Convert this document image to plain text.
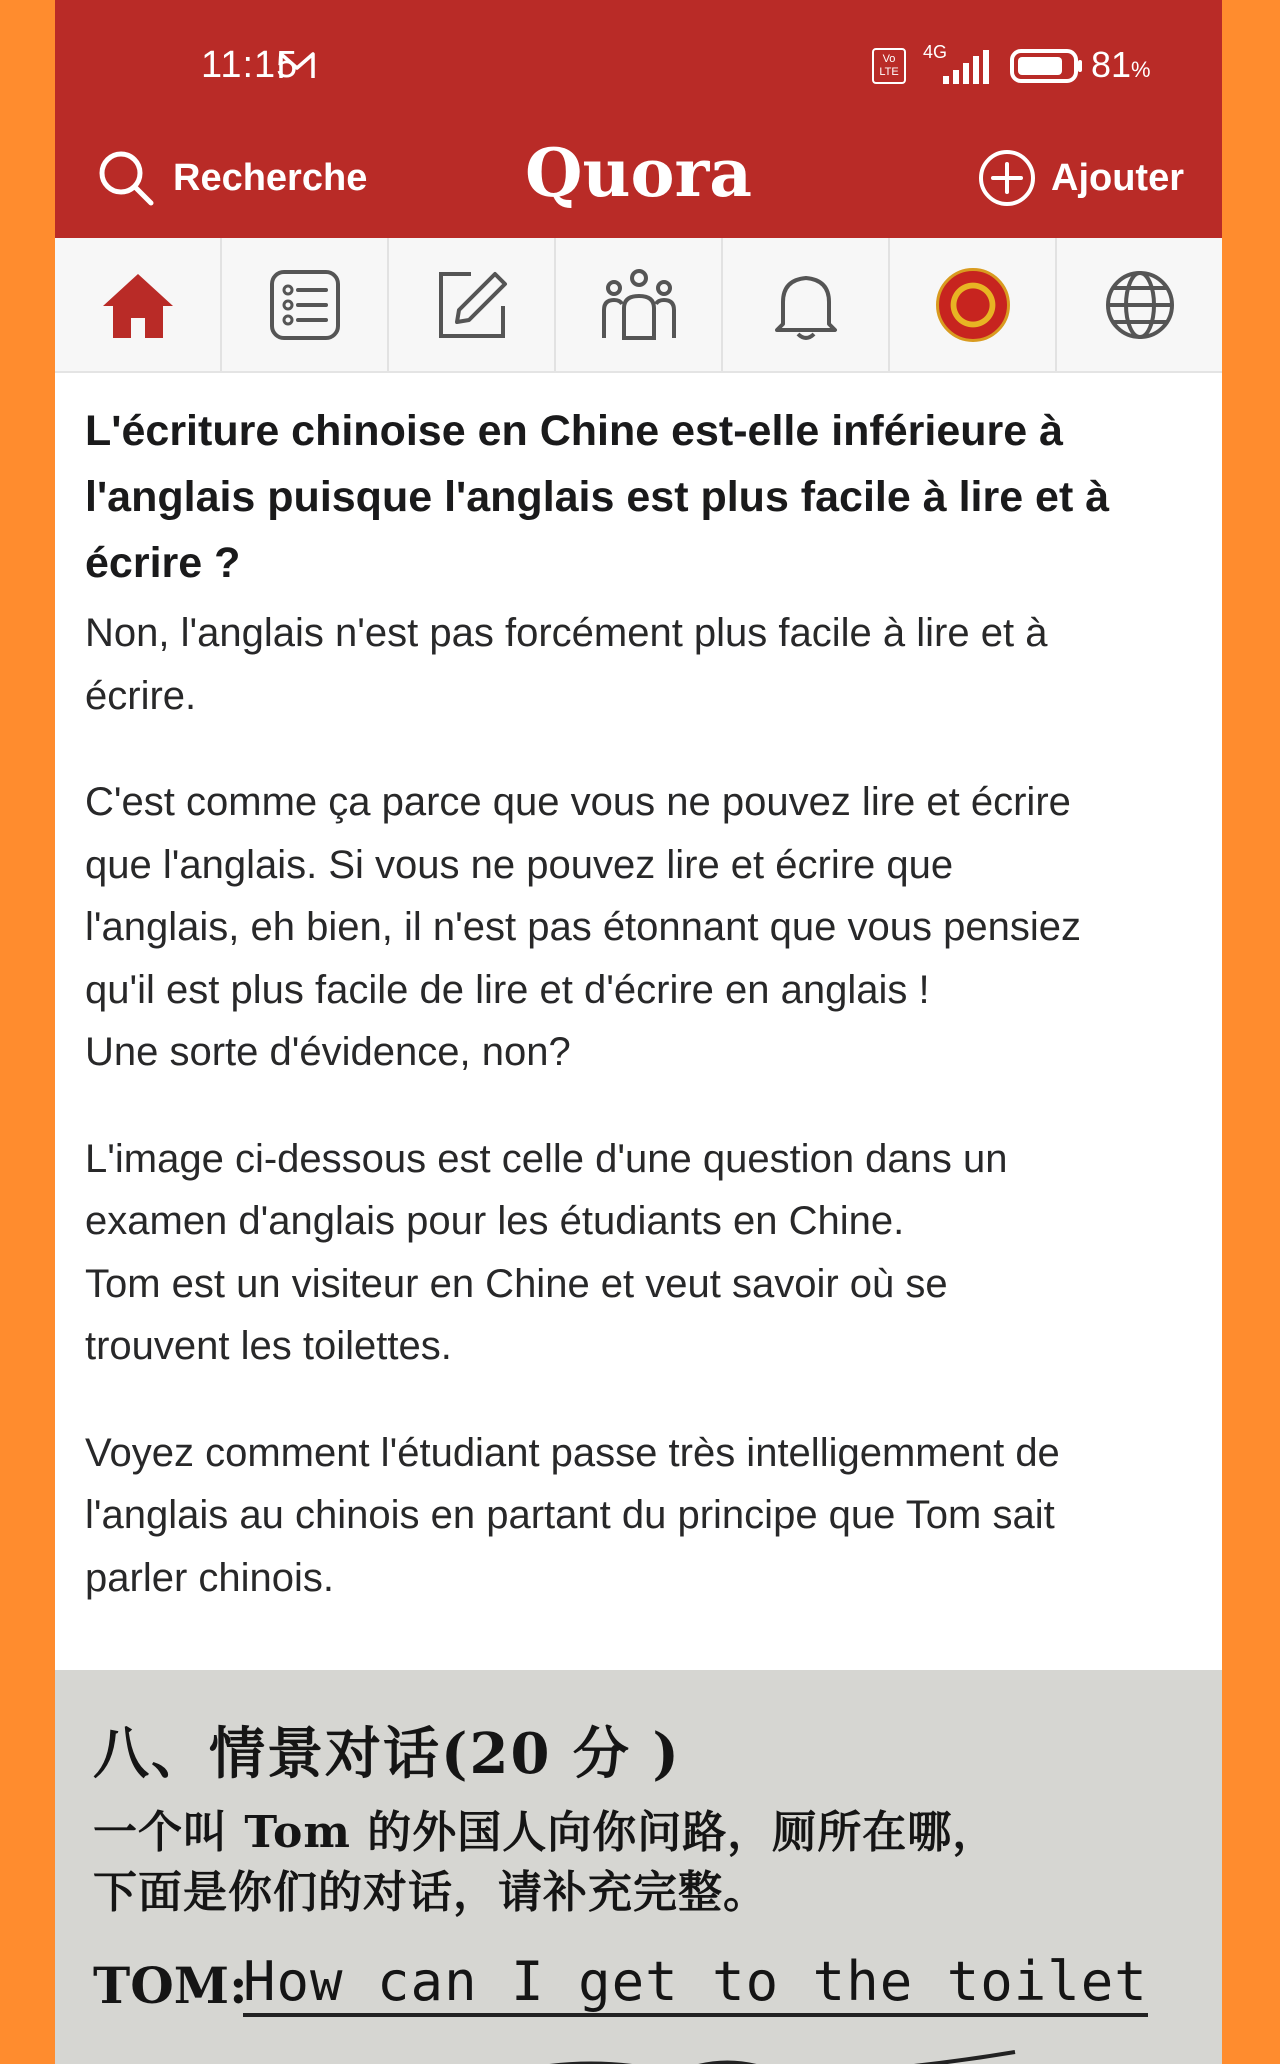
11:15	Vo LTE
4G	81%
Recherche	Quora	Ajouter
L'écriture chinoise en Chine est-elle inférieure à
l'anglais puisque l'anglais est plus facile à lire et à
écrire ?
Non, l'anglais n'est pas forcément plus facile à lire et à
écrire.
C'est comme ça parce que vous ne pouvez lire et écrire
que l'anglais. Si vous ne pouvez lire et écrire que
l'anglais, eh bien, il n'est pas étonnant que vous pensiez
qu'il est plus facile de lire et d'écrire en anglais !
Une sorte d'évidence, non?
L'image ci-dessous est celle d'une question dans un
examen d'anglais pour les étudiants en Chine.
Tom est un visiteur en Chine et veut savoir où se
trouvent les toilettes.
Voyez comment l'étudiant passe très intelligemment de
l'anglais au chinois en partant du principe que Tom sait
parler chinois.
八、情景对话(20 分 )
一个叫 Tom 的外国人向你问路，厕所在哪，
下面是你们的对话，请补充完整。
TOM:
How can I get to the toilet
